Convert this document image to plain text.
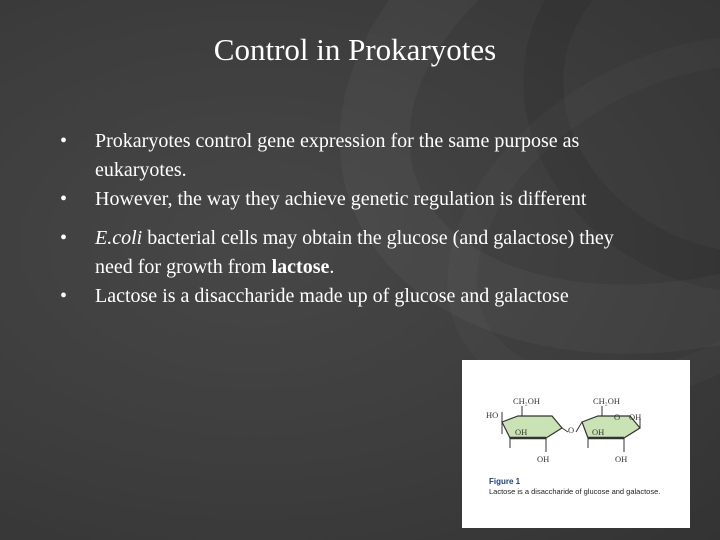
Control in Prokaryotes
• Prokaryotes control gene expression for the same purpose as eukaryotes.
• However, the way they achieve genetic regulation is different
• E.coli bacterial cells may obtain the glucose (and galactose) they need for growth from lactose.
• Lactose is a disaccharide made up of glucose and galactose
CH₂OH	CH₂OH
HO
OH	OH
O
O OH
OH	OH
Figure 1
Lactose is a disaccharide of glucose and galactose.
